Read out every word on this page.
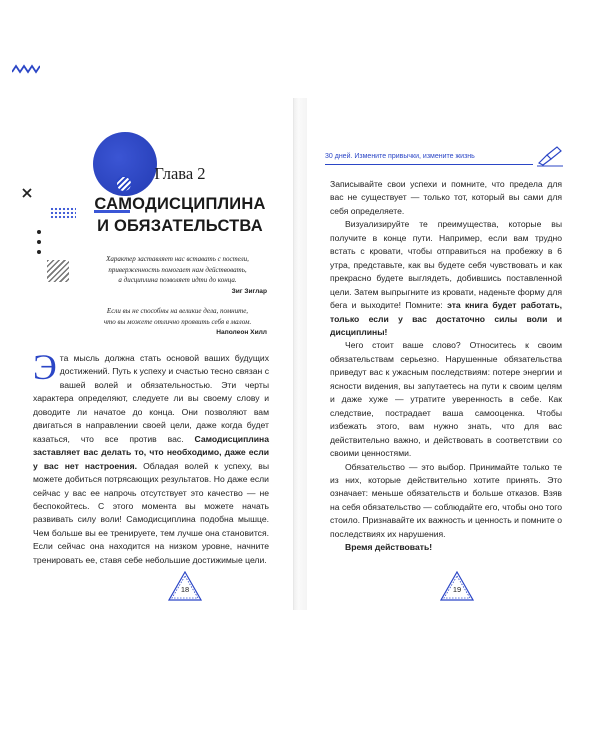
Глава 2
САМОДИСЦИПЛИНА
И ОБЯЗАТЕЛЬСТВА
Характер заставляет нас вставать с постели,
приверженность помогает нам действовать,
а дисциплина позволяет идти до конца.
Зиг Зиглар
Если вы не способны на великие дела, помните,
что вы можете отлично проявить себя в малом.
Наполеон Хилл

Эта мысль должна стать основой ваших будущих достижений. Путь к успеху и счастью тесно связан с вашей волей и обязательностью. Эти черты характера определяют, следуете ли вы своему слову и доводите ли начатое до конца. Они позволяют вам двигаться в направлении своей цели, даже когда будет казаться, что все против вас. Самодисциплина заставляет вас делать то, что необходимо, даже если у вас нет настроения. Обладая волей к успеху, вы можете добиться потрясающих результатов. Но даже если сейчас у вас ее напрочь отсутствует это качество — не беспокойтесь. С этого момента вы можете начать развивать силу воли! Самодисциплина подобна мышце. Чем больше вы ее тренируете, тем лучше она становится. Если сейчас она находится на низком уровне, начните тренировать ее, ставя себе небольшие достижимые цели.

18
30 дней. Измените привычки, измените жизнь

Записывайте свои успехи и помните, что предела для вас не существует — только тот, который вы сами для себя определяете.

Визуализируйте те преимущества, которые вы получите в конце пути. Например, если вам трудно встать с кровати, чтобы отправиться на пробежку в 6 утра, представьте, как вы будете себя чувствовать и как прекрасно будете выглядеть, добившись поставленной цели. Затем выпрыгните из кровати, наденьте форму для бега и выходите! Помните: эта книга будет работать, только если у вас достаточно силы воли и дисциплины!

Чего стоит ваше слово? Относитесь к своим обязательствам серьезно. Нарушенные обязательства приведут вас к ужасным последствиям: потере энергии и ясности видения, вы запутаетесь на пути к своим целям и даже хуже — утратите уверенность в себе. Как следствие, пострадает ваша самооценка. Чтобы избежать этого, вам нужно знать, что для вас действительно важно, и действовать в соответствии со своими ценностями.

Обязательство — это выбор. Принимайте только те из них, которые действительно хотите принять. Это означает: меньше обязательств и больше отказов. Взяв на себя обязательство — соблюдайте его, чтобы оно того стоило. Признавайте их важность и ценность и помните о последствиях их нарушения.

Время действовать!

19
